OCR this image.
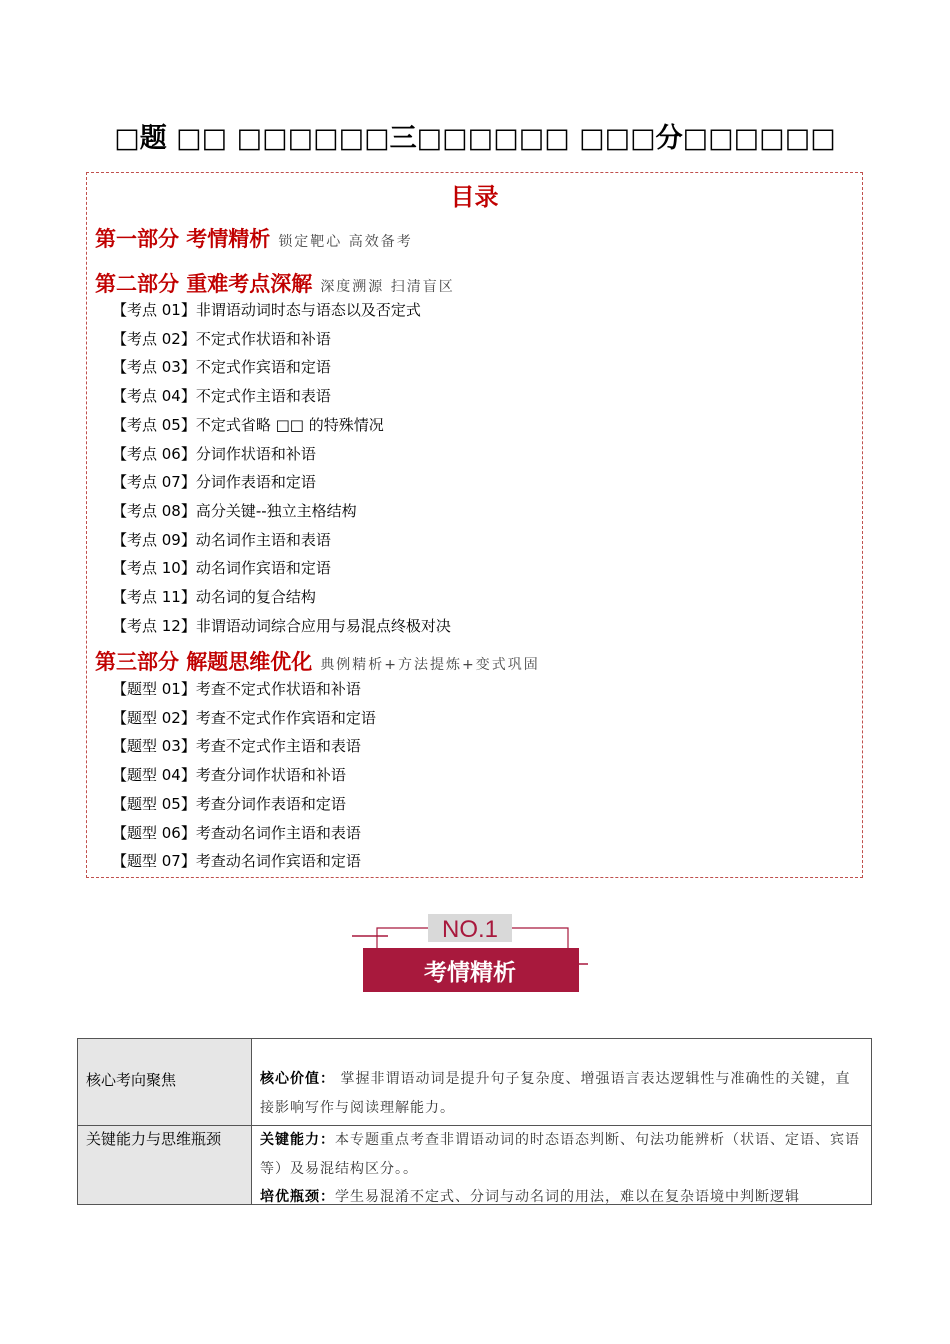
□题 □□ □□□□□□三□□□□□□ □□□分□□□□□□
目录
第一部分 考情精析 锁定靶心 高效备考
第二部分 重难考点深解 深度溯源 扫清盲区
【考点 01】非谓语动词时态与语态以及否定式
【考点 02】不定式作状语和补语
【考点 03】不定式作宾语和定语
【考点 04】不定式作主语和表语
【考点 05】不定式省略 □□ 的特殊情况
【考点 06】分词作状语和补语
【考点 07】分词作表语和定语
【考点 08】高分关键--独立主格结构
【考点 09】动名词作主语和表语
【考点 10】动名词作宾语和定语
【考点 11】动名词的复合结构
【考点 12】非谓语动词综合应用与易混点终极对决
第三部分 解题思维优化 典例精析+方法提炼+变式巩固
【题型 01】考查不定式作状语和补语
【题型 02】考查不定式作作宾语和定语
【题型 03】考查不定式作主语和表语
【题型 04】考查分词作状语和补语
【题型 05】考查分词作表语和定语
【题型 06】考查动名词作主语和表语
【题型 07】考查动名词作宾语和定语
NO.1
考情精析
核心考向聚焦	核心价值： 掌握非谓语动词是提升句子复杂度、增强语言表达逻辑性与准确性的关键，直接影响写作与阅读理解能力。
关键能力与思维瓶颈	关键能力：本专题重点考查非谓语动词的时态语态判断、句法功能辨析（状语、定语、宾语等）及易混结构区分。。
培优瓶颈：学生易混淆不定式、分词与动名词的用法，难以在复杂语境中判断逻辑
